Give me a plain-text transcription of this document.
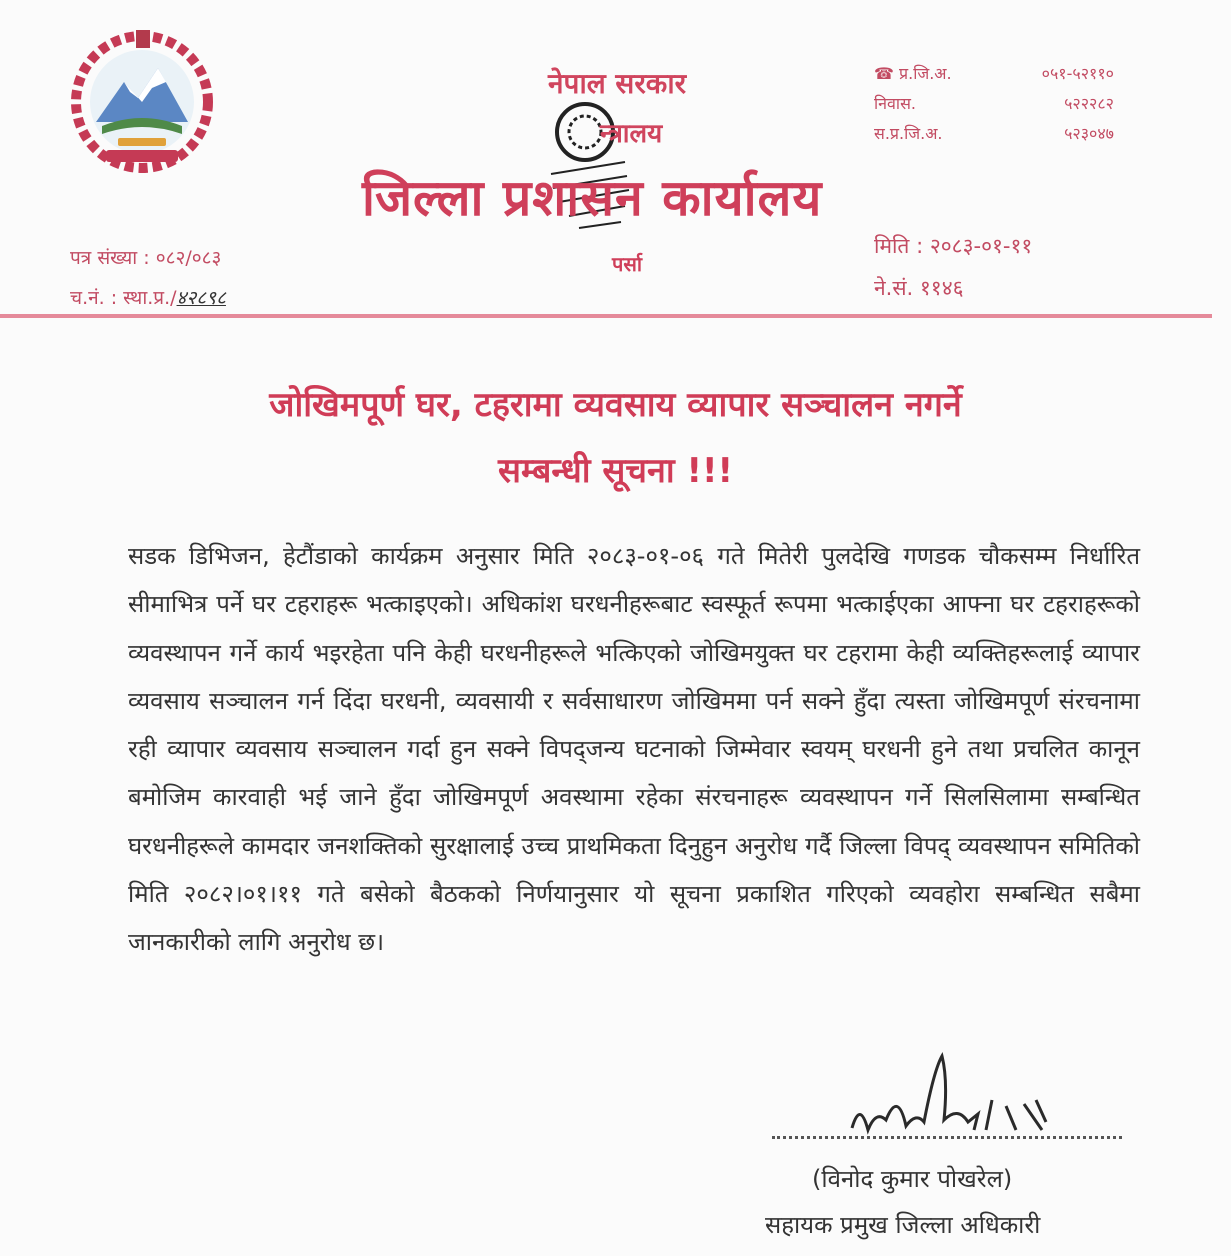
नेपाल सरकार
न्त्रालय
जिल्ला प्रशासन कार्यालय
पर्सा
☎ प्र.जि.अ.	०५१-५२११०
निवास.	५२२२८२
स.प्र.जि.अ.	५२३०४७
पत्र संख्या : ०८२/०८३
च.नं. : स्था.प्र./४२८९८
मिति : २०८३-०१-११
ने.सं. ११४६
जोखिमपूर्ण घर, टहरामा व्यवसाय व्यापार सञ्चालन नगर्ने
सम्बन्धी सूचना !!!
सडक डिभिजन, हेटौंडाको कार्यक्रम अनुसार मिति २०८३-०१-०६ गते मितेरी पुलदेखि गणडक चौकसम्म निर्धारित सीमाभित्र पर्ने घर टहराहरू भत्काइएको। अधिकांश घरधनीहरूबाट स्वस्फूर्त रूपमा भत्काईएका आफ्ना घर टहराहरूको व्यवस्थापन गर्ने कार्य भइरहेता पनि केही घरधनीहरूले भत्किएको जोखिमयुक्त घर टहरामा केही व्यक्तिहरूलाई व्यापार व्यवसाय सञ्चालन गर्न दिंदा घरधनी, व्यवसायी र सर्वसाधारण जोखिममा पर्न सक्ने हुँदा त्यस्ता जोखिमपूर्ण संरचनामा रही व्यापार व्यवसाय सञ्चालन गर्दा हुन सक्ने विपद्जन्य घटनाको जिम्मेवार स्वयम् घरधनी हुने तथा प्रचलित कानून बमोजिम कारवाही भई जाने हुँदा जोखिमपूर्ण अवस्थामा रहेका संरचनाहरू व्यवस्थापन गर्ने सिलसिलामा सम्बन्धित घरधनीहरूले कामदार जनशक्तिको सुरक्षालाई उच्च प्राथमिकता दिनुहुन अनुरोध गर्दै जिल्ला विपद् व्यवस्थापन समितिको मिति २०८२।०१।११ गते बसेको बैठकको निर्णयानुसार यो सूचना प्रकाशित गरिएको व्यवहोरा सम्बन्धित सबैमा जानकारीको लागि अनुरोध छ।
(विनोद कुमार पोखरेल)
सहायक प्रमुख जिल्ला अधिकारी
